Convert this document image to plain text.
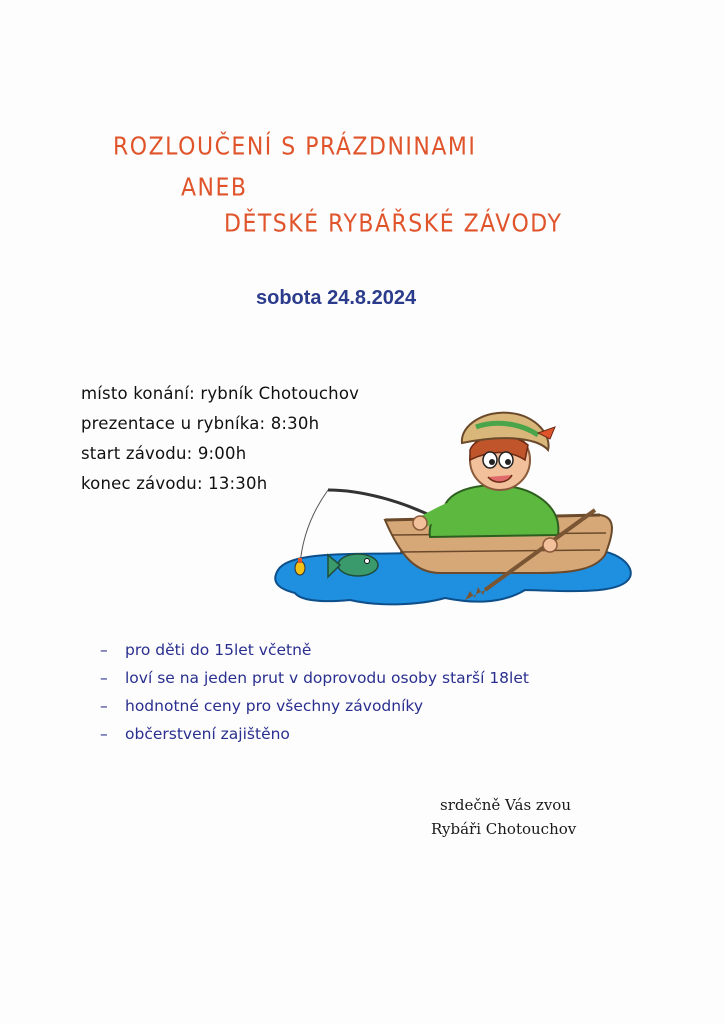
ROZLOUČENÍ S PRÁZDNINAMI
ANEB
DĚTSKÉ RYBÁŘSKÉ ZÁVODY
sobota 24.8.2024
místo konání: rybník Chotouchov
prezentace u rybníka: 8:30h
start závodu: 9:00h
konec závodu: 13:30h
– pro děti do 15let včetně
– loví se na jeden prut v doprovodu osoby starší 18let
– hodnotné ceny pro všechny závodníky
– občerstvení zajištěno
srdečně Vás zvou
Rybáři Chotouchov
